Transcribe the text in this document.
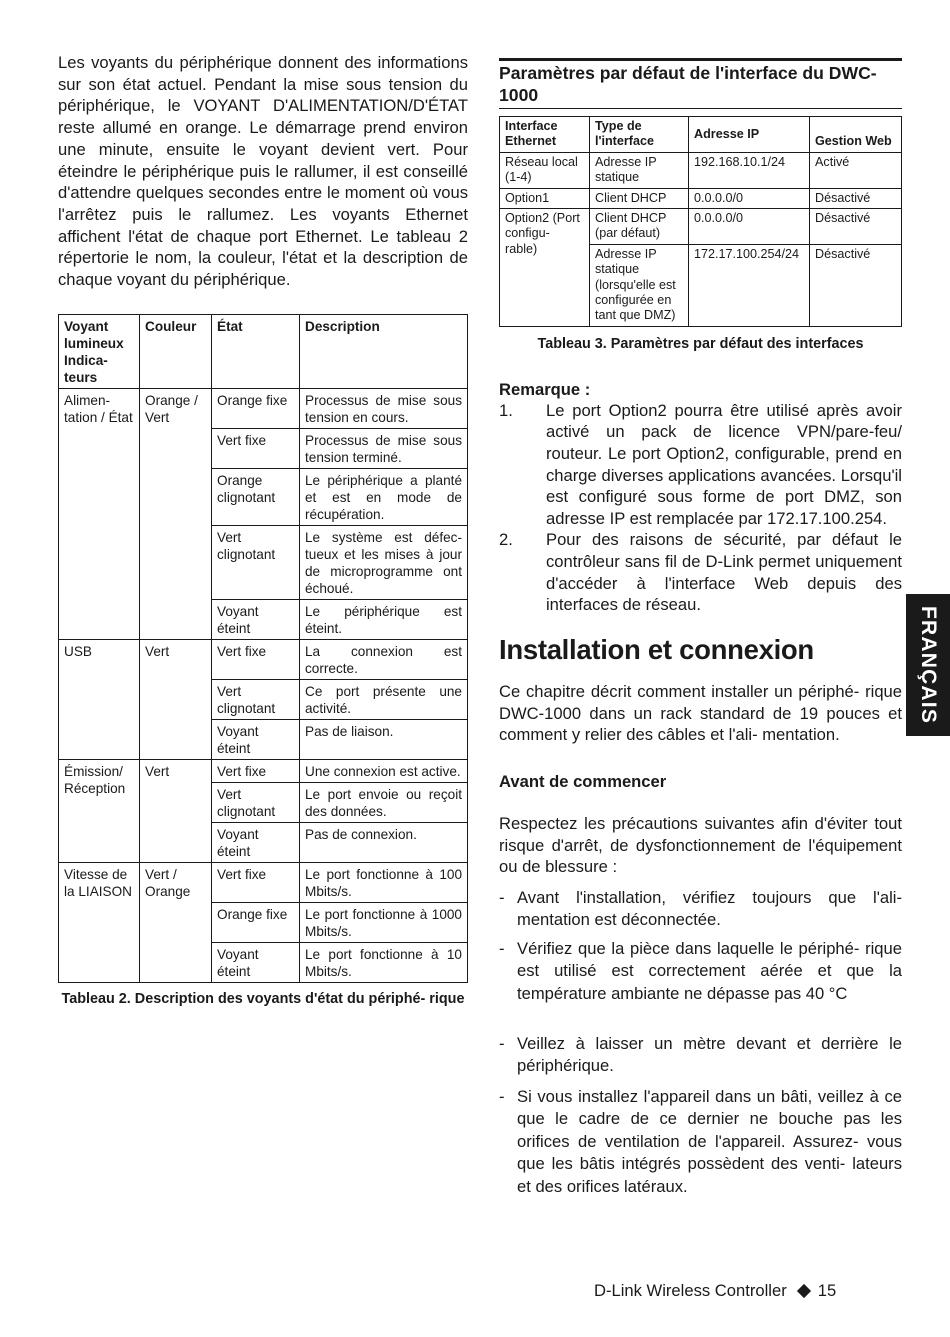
Les voyants du périphérique donnent des informations sur son état actuel. Pendant la mise sous tension du périphérique, le VOYANT D'ALIMENTATION/D'ÉTAT reste allumé en orange. Le démarrage prend environ une minute, ensuite le voyant devient vert. Pour éteindre le périphérique puis le rallumer, il est conseillé d'attendre quelques secondes entre le moment où vous l'arrêtez puis le rallumez. Les voyants Ethernet affichent l'état de chaque port Ethernet. Le tableau 2 répertorie le nom, la couleur, l'état et la description de chaque voyant du périphérique.

Voyant lumineux Indica- teurs	Couleur	État	Description
Alimen- tation / État	Orange / Vert	Orange fixe	Processus de mise sous tension en cours.
		Vert fixe	Processus de mise sous tension terminé.
		Orange clignotant	Le périphérique a planté et est en mode de récupération.
		Vert clignotant	Le système est défec- tueux et les mises à jour de microprogramme ont échoué.
		Voyant éteint	Le périphérique est éteint.
USB	Vert	Vert fixe	La connexion est correcte.
		Vert clignotant	Ce port présente une activité.
		Voyant éteint	Pas de liaison.
Émission/ Réception	Vert	Vert fixe	Une connexion est active.
		Vert clignotant	Le port envoie ou reçoit des données.
		Voyant éteint	Pas de connexion.
Vitesse de la LIAISON	Vert / Orange	Vert fixe	Le port fonctionne à 100 Mbits/s.
		Orange fixe	Le port fonctionne à 1000 Mbits/s.
		Voyant éteint	Le port fonctionne à 10 Mbits/s.

Tableau 2. Description des voyants d'état du périphé- rique

Paramètres par défaut de l'interface du DWC-1000
Interface Ethernet	Type de l'interface	Adresse IP	Gestion Web
Réseau local (1-4)	Adresse IP statique	192.168.10.1/24	Activé
Option1	Client DHCP	0.0.0.0/0	Désactivé
Option2 (Port configu- rable)	Client DHCP (par défaut)	0.0.0.0/0	Désactivé
	Adresse IP statique (lorsqu'elle est configurée en tant que DMZ)	172.17.100.254/24	Désactivé

Tableau 3. Paramètres par défaut des interfaces

Remarque :

1. Le port Option2 pourra être utilisé après avoir activé un pack de licence VPN/pare-feu/ routeur. Le port Option2, configurable, prend en charge diverses applications avancées. Lorsqu'il est configuré sous forme de port DMZ, son adresse IP est remplacée par 172.17.100.254.
2. Pour des raisons de sécurité, par défaut le contrôleur sans fil de D-Link permet uniquement d'accéder à l'interface Web depuis des interfaces de réseau.
Installation et connexion

Ce chapitre décrit comment installer un périphé- rique DWC-1000 dans un rack standard de 19 pouces et comment y relier des câbles et l'ali- mentation.

Avant de commencer

Respectez les précautions suivantes afin d'éviter tout risque d'arrêt, de dysfonctionnement de l'équipement ou de blessure :

- Avant l'installation, vérifiez toujours que l'ali- mentation est déconnectée.
- Vérifiez que la pièce dans laquelle le périphé- rique est utilisé est correctement aérée et que la température ambiante ne dépasse pas 40 °C
- Veillez à laisser un mètre devant et derrière le périphérique.
- Si vous installez l'appareil dans un bâti, veillez à ce que le cadre de ce dernier ne bouche pas les orifices de ventilation de l'appareil. Assurez- vous que les bâtis intégrés possèdent des venti- lateurs et des orifices latéraux.
FRANÇAIS
D-Link Wireless Controller 15
